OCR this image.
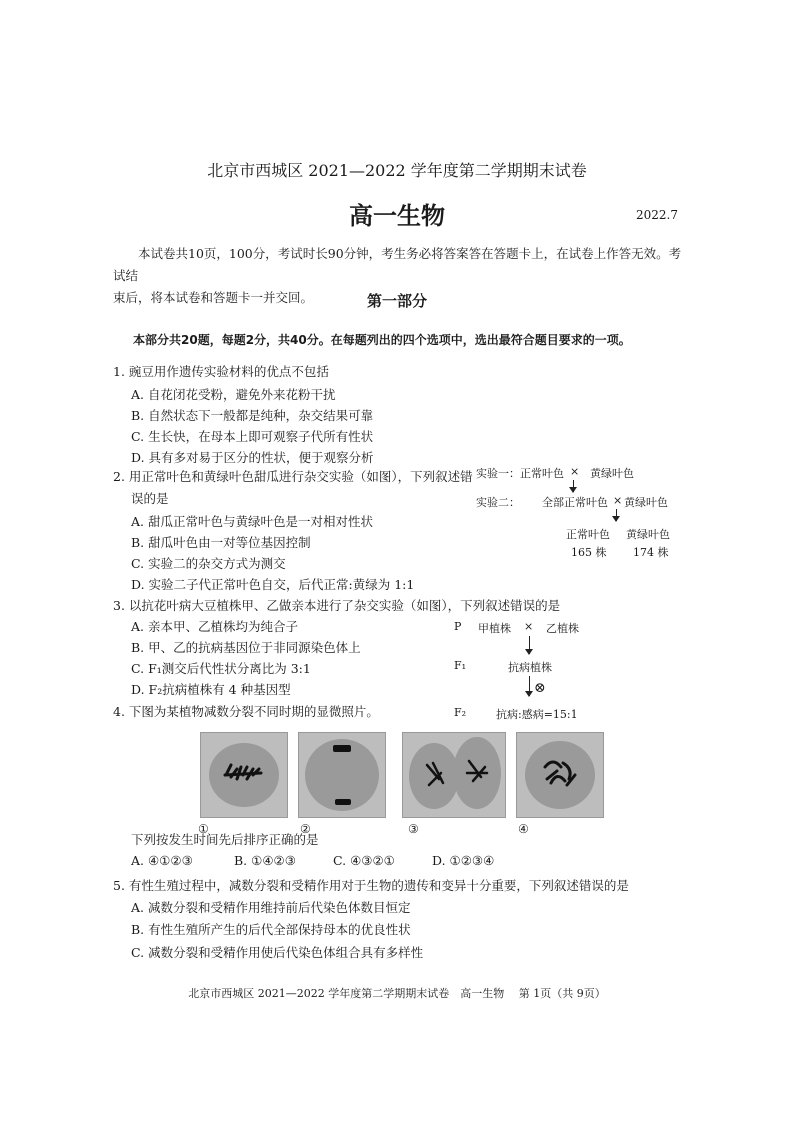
北京市西城区 2021—2022 学年度第二学期期末试卷
高一生物	2022.7
本试卷共10页，100分，考试时长90分钟，考生务必将答案答在答题卡上，在试卷上作答无效。考试结
束后，将本试卷和答题卡一并交回。	第一部分
本部分共20题，每题2分，共40分。在每题列出的四个选项中，选出最符合题目要求的一项。
1. 豌豆用作遗传实验材料的优点不包括
A. 自花闭花受粉，避免外来花粉干扰
B. 自然状态下一般都是纯种，杂交结果可靠
C. 生长快，在母本上即可观察子代所有性状
D. 具有多对易于区分的性状，便于观察分析
2. 用正常叶色和黄绿叶色甜瓜进行杂交实验（如图），下列叙述错
误的是
A. 甜瓜正常叶色与黄绿叶色是一对相对性状
B. 甜瓜叶色由一对等位基因控制
C. 实验二的杂交方式为测交
D. 实验二子代正常叶色自交，后代正常:黄绿为 1:1
实验一： 正常叶色 × 黄绿叶色
实验二： 全部正常叶色 × 黄绿叶色
正常叶色 黄绿叶色
165 株 174 株
3. 以抗花叶病大豆植株甲、乙做亲本进行了杂交实验（如图），下列叙述错误的是
A. 亲本甲、乙植株均为纯合子
B. 甲、乙的抗病基因位于非同源染色体上
C. F₁测交后代性状分离比为 3:1
D. F₂抗病植株有 4 种基因型
P 甲植株 × 乙植株
F₁	抗病植株
⊗
F₂	抗病:感病=15:1
4. 下图为某植物减数分裂不同时期的显微照片。
①	②	③	④
下列按发生时间先后排序正确的是
A. ④①②③	B. ①④②③	C. ④③②①	D. ①②③④
5. 有性生殖过程中，减数分裂和受精作用对于生物的遗传和变异十分重要，下列叙述错误的是
A. 减数分裂和受精作用维持前后代染色体数目恒定
B. 有性生殖所产生的后代全部保持母本的优良性状
C. 减数分裂和受精作用使后代染色体组合具有多样性
北京市西城区 2021—2022 学年度第二学期期末试卷　高一生物　 第 1页（共 9页）
